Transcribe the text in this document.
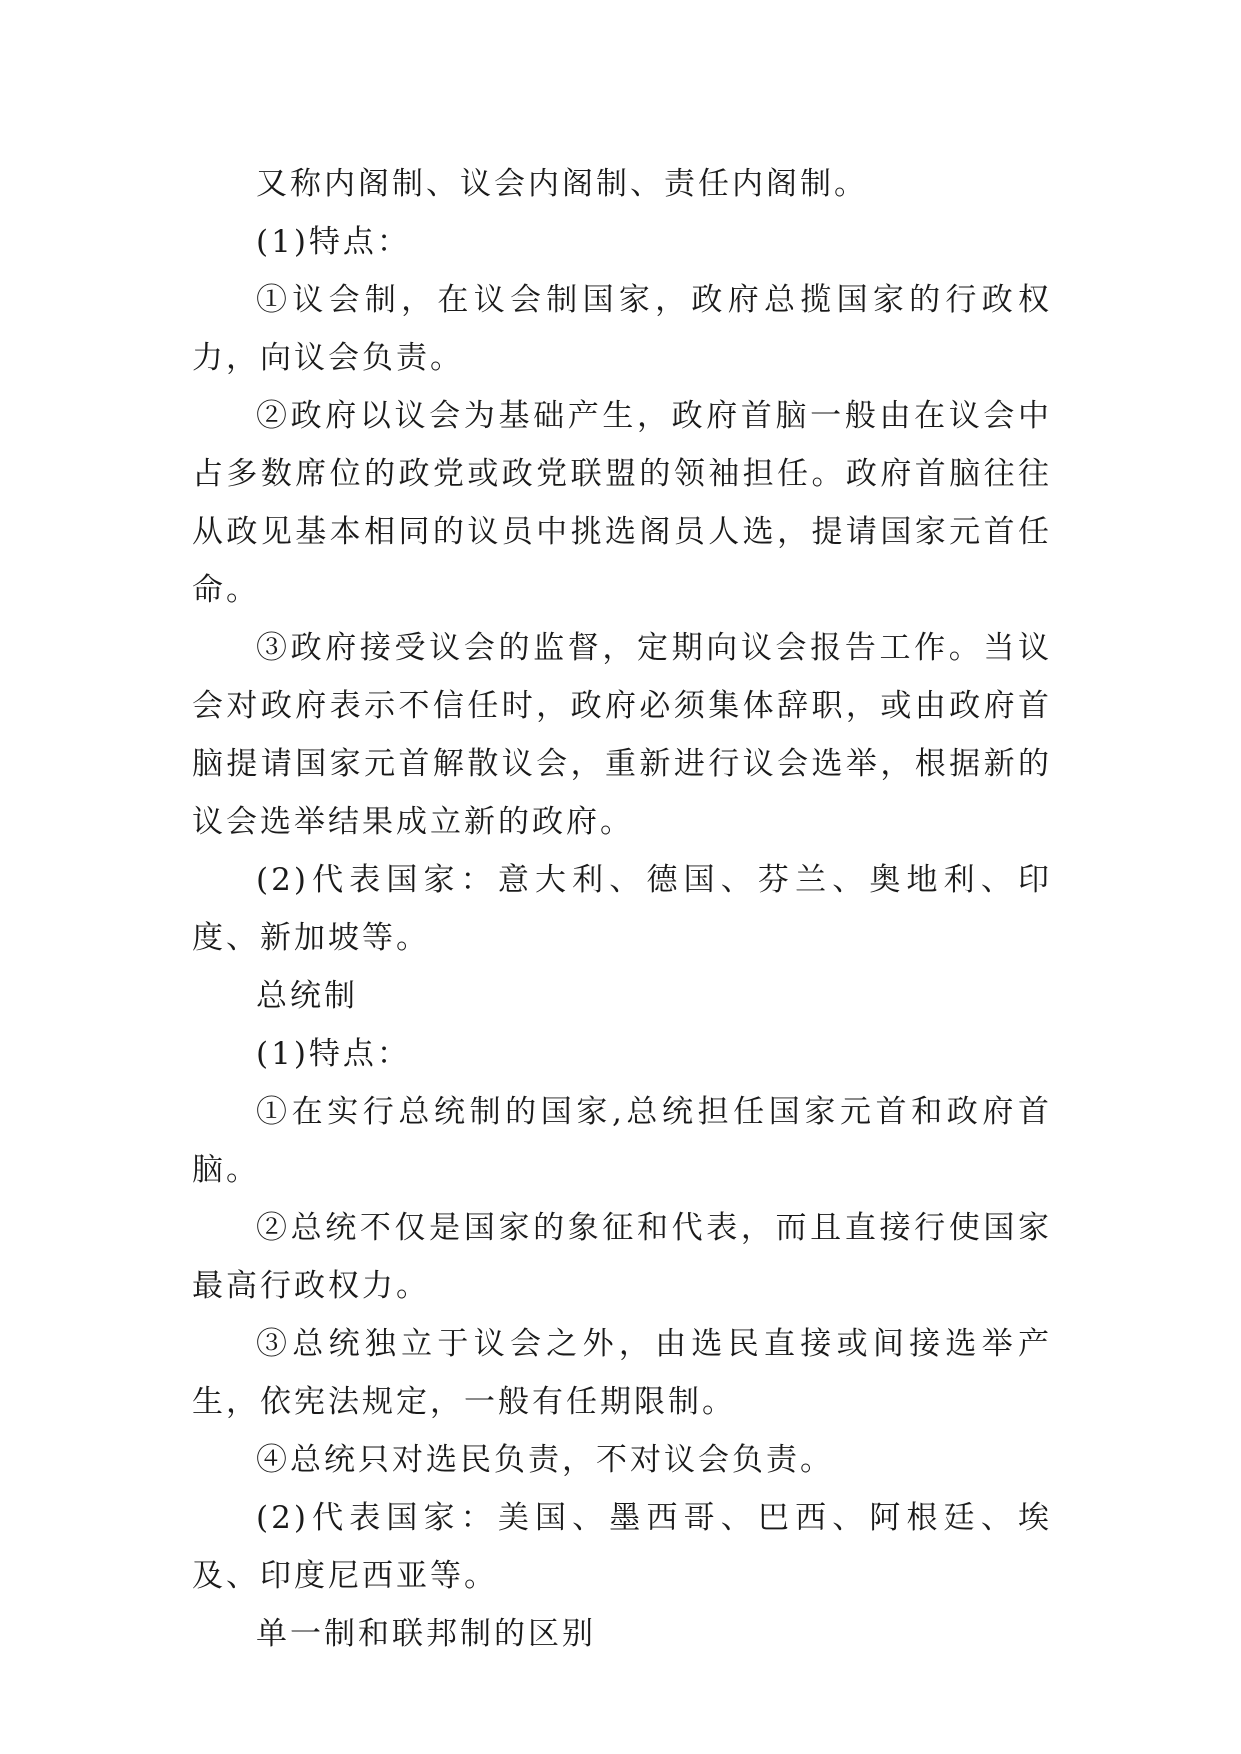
又称内阁制、议会内阁制、责任内阁制。

(1)特点：

①议会制，在议会制国家，政府总揽国家的行政权力，向议会负责。

②政府以议会为基础产生，政府首脑一般由在议会中占多数席位的政党或政党联盟的领袖担任。政府首脑往往从政见基本相同的议员中挑选阁员人选，提请国家元首任命。

③政府接受议会的监督，定期向议会报告工作。当议会对政府表示不信任时，政府必须集体辞职，或由政府首脑提请国家元首解散议会，重新进行议会选举，根据新的议会选举结果成立新的政府。

(2)代表国家：意大利、德国、芬兰、奥地利、印度、新加坡等。

总统制

(1)特点：

①在实行总统制的国家,总统担任国家元首和政府首脑。

②总统不仅是国家的象征和代表，而且直接行使国家最高行政权力。

③总统独立于议会之外，由选民直接或间接选举产生，依宪法规定，一般有任期限制。

④总统只对选民负责，不对议会负责。

(2)代表国家：美国、墨西哥、巴西、阿根廷、埃及、印度尼西亚等。

单一制和联邦制的区别
